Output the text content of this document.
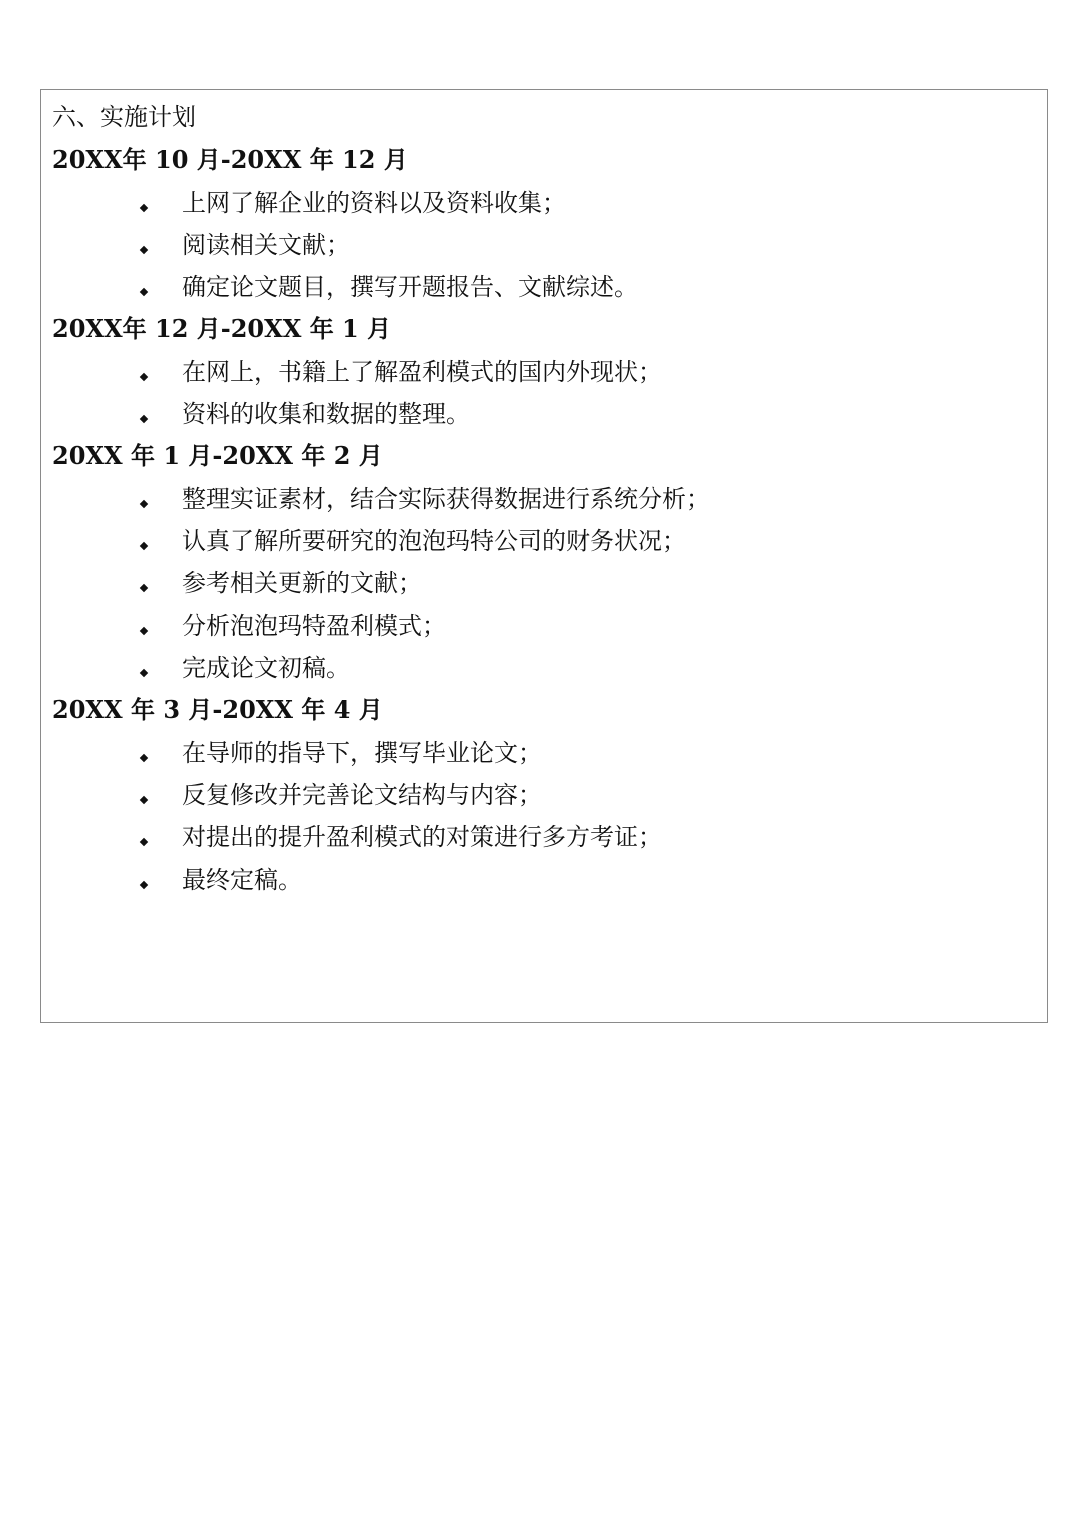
六、实施计划
20XX年 10 月-20XX 年 12 月
上网了解企业的资料以及资料收集；
阅读相关文献；
确定论文题目，撰写开题报告、文献综述。
20XX年 12 月-20XX 年 1 月
在网上，书籍上了解盈利模式的国内外现状；
资料的收集和数据的整理。
20XX 年 1 月-20XX 年 2 月
整理实证素材，结合实际获得数据进行系统分析；
认真了解所要研究的泡泡玛特公司的财务状况；
参考相关更新的文献；
分析泡泡玛特盈利模式；
完成论文初稿。
20XX 年 3 月-20XX 年 4 月
在导师的指导下，撰写毕业论文；
反复修改并完善论文结构与内容；
对提出的提升盈利模式的对策进行多方考证；
最终定稿。
